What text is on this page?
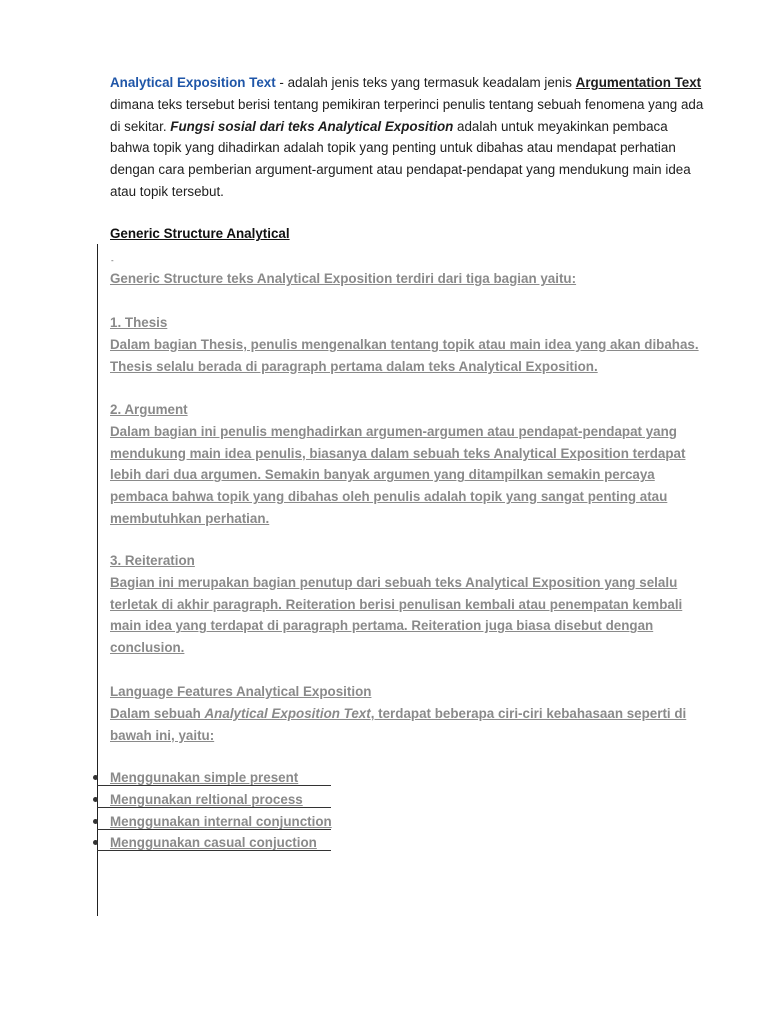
Analytical Exposition Text - adalah jenis teks yang termasuk keadalam jenis Argumentation Text dimana teks tersebut berisi tentang pemikiran terperinci penulis tentang sebuah fenomena yang ada di sekitar. Fungsi sosial dari teks Analytical Exposition adalah untuk meyakinkan pembaca bahwa topik yang dihadirkan adalah topik yang penting untuk dibahas atau mendapat perhatian dengan cara pemberian argument-argument atau pendapat-pendapat yang mendukung main idea atau topik tersebut.
Generic Structure Analytical
-
Generic Structure teks Analytical Exposition terdiri dari tiga bagian yaitu:
1. Thesis
Dalam bagian Thesis, penulis mengenalkan tentang topik atau main idea yang akan dibahas. Thesis selalu berada di paragraph pertama dalam teks Analytical Exposition.
2. Argument
Dalam bagian ini penulis menghadirkan argumen-argumen atau pendapat-pendapat yang mendukung main idea penulis, biasanya dalam sebuah teks Analytical Exposition terdapat lebih dari dua argumen. Semakin banyak argumen yang ditampilkan semakin percaya pembaca bahwa topik yang dibahas oleh penulis adalah topik yang sangat penting atau membutuhkan perhatian.
3. Reiteration
Bagian ini merupakan bagian penutup dari sebuah teks Analytical Exposition yang selalu terletak di akhir paragraph. Reiteration berisi penulisan kembali atau penempatan kembali main idea yang terdapat di paragraph pertama. Reiteration juga biasa disebut dengan conclusion.
Language Features Analytical Exposition
Dalam sebuah Analytical Exposition Text, terdapat beberapa ciri-ciri kebahasaan seperti di bawah ini, yaitu:
Menggunakan simple present
Mengunakan reltional process
Menggunakan internal conjunction
Menggunakan casual conjuction
